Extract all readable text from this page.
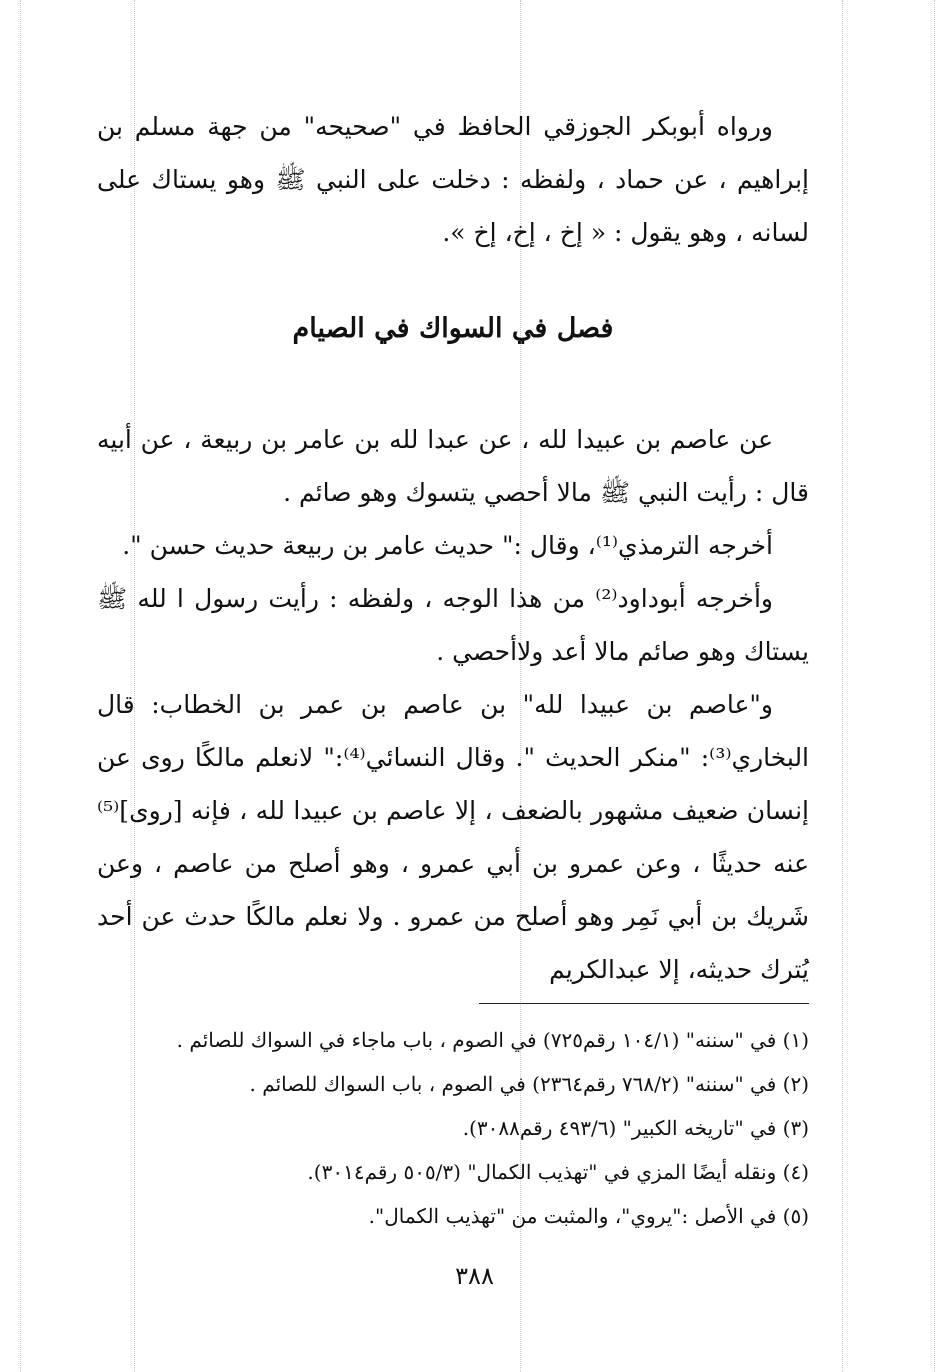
ورواه أبوبكر الجوزقي الحافظ في "صحيحه" من جهة مسلم بن إبراهيم ، عن حماد ، ولفظه : دخلت على النبي ﷺ وهو يستاك على لسانه ، وهو يقول : « إخ ، إخ، إخ ».

فصل في السواك في الصيام

عن عاصم بن عبيدا لله ، عن عبدا لله بن عامر بن ربيعة ، عن أبيه قال : رأيت النبي ﷺ مالا أحصي يتسوك وهو صائم .

أخرجه الترمذي⁽¹⁾، وقال :" حديث عامر بن ربيعة حديث حسن ".

وأخرجه أبوداود⁽²⁾ من هذا الوجه ، ولفظه : رأيت رسول ا لله ﷺ يستاك وهو صائم مالا أعد ولاأحصي .

و"عاصم بن عبيدا لله" بن عاصم بن عمر بن الخطاب: قال البخاري⁽³⁾: "منكر الحديث ". وقال النسائي⁽⁴⁾:" لانعلم مالكًا روى عن إنسان ضعيف مشهور بالضعف ، إلا عاصم بن عبيدا لله ، فإنه [روى]⁽⁵⁾ عنه حديثًا ، وعن عمرو بن أبي عمرو ، وهو أصلح من عاصم ، وعن شَريك بن أبي نَمِر وهو أصلح من عمرو . ولا نعلم مالكًا حدث عن أحد يُترك حديثه، إلا عبدالكريم

(١) في "سننه" (١٠٤/١ رقم٧٢٥) في الصوم ، باب ماجاء في السواك للصائم .

(٢) في "سننه" (٧٦٨/٢ رقم٢٣٦٤) في الصوم ، باب السواك للصائم .

(٣) في "تاريخه الكبير" (٤٩٣/٦ رقم٣٠٨٨).

(٤) ونقله أيضًا المزي في "تهذيب الكمال" (٥٠٥/٣ رقم٣٠١٤).

(٥) في الأصل :"يروي"، والمثبت من "تهذيب الكمال".

٣٨٨
